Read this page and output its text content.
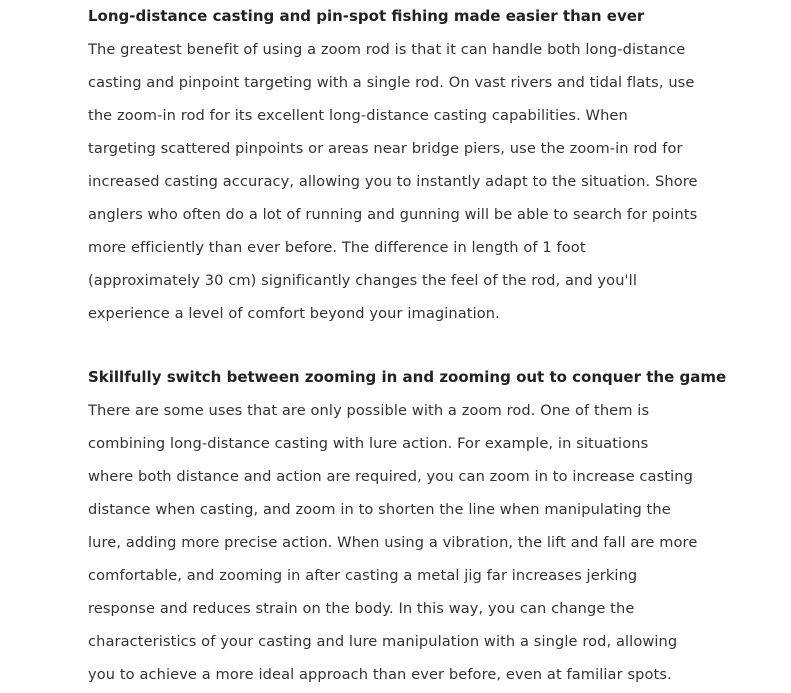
Long-distance casting and pin-spot fishing made easier than ever

The greatest benefit of using a zoom rod is that it can handle both long-distance casting and pinpoint targeting with a single rod. On vast rivers and tidal flats, use the zoom-in rod for its excellent long-distance casting capabilities. When targeting scattered pinpoints or areas near bridge piers, use the zoom-in rod for increased casting accuracy, allowing you to instantly adapt to the situation. Shore anglers who often do a lot of running and gunning will be able to search for points more efficiently than ever before. The difference in length of 1 foot (approximately 30 cm) significantly changes the feel of the rod, and you'll experience a level of comfort beyond your imagination.

Skillfully switch between zooming in and zooming out to conquer the game

There are some uses that are only possible with a zoom rod. One of them is combining long-distance casting with lure action. For example, in situations where both distance and action are required, you can zoom in to increase casting distance when casting, and zoom in to shorten the line when manipulating the lure, adding more precise action. When using a vibration, the lift and fall are more comfortable, and zooming in after casting a metal jig far increases jerking response and reduces strain on the body. In this way, you can change the characteristics of your casting and lure manipulation with a single rod, allowing you to achieve a more ideal approach than ever before, even at familiar spots.
